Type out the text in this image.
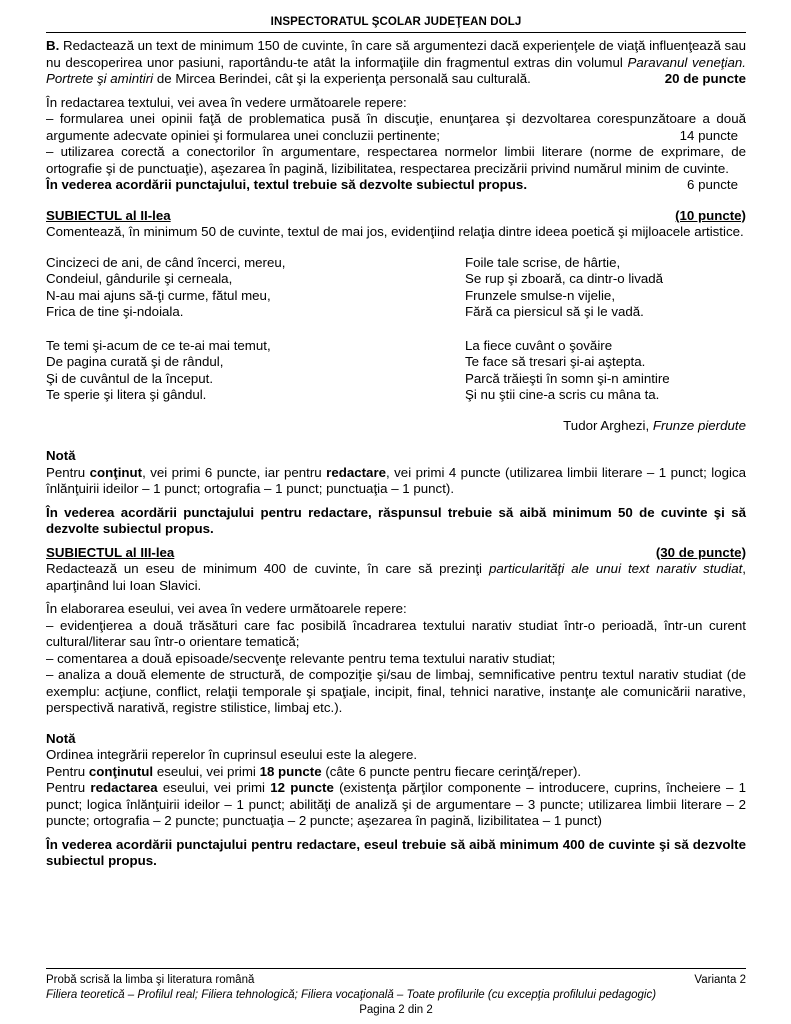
INSPECTORATUL ŞCOLAR JUDEŢEAN DOLJ

B. Redactează un text de minimum 150 de cuvinte, în care să argumentezi dacă experienţele de viaţă influenţează sau nu descoperirea unor pasiuni, raportându-te atât la informaţiile din fragmentul extras din volumul Paravanul veneţian. Portrete şi amintiri de Mircea Berindei, cât şi la experienţa personală sau culturală.	20 de puncte

În redactarea textului, vei avea în vedere următoarele repere:

– formularea unei opinii faţă de problematica pusă în discuţie, enunţarea şi dezvoltarea corespunzătoare a două argumente adecvate opiniei şi formularea unei concluzii pertinente;	14 puncte

– utilizarea corectă a conectorilor în argumentare, respectarea normelor limbii literare (norme de exprimare, de ortografie şi de punctuaţie), aşezarea în pagină, lizibilitatea, respectarea precizării privind numărul minim de cuvinte.
6 puncte

În vederea acordării punctajului, textul trebuie să dezvolte subiectul propus.

SUBIECTUL al II-lea	(10 puncte)

Comentează, în minimum 50 de cuvinte, textul de mai jos, evidenţiind relaţia dintre ideea poetică şi mijloacele artistice.

Cincizeci de ani, de când încerci, mereu,

Condeiul, gândurile şi cerneala,

N-au mai ajuns să-ţi curme, fătul meu,

Frica de tine şi-ndoiala.

Te temi şi-acum de ce te-ai mai temut,

De pagina curată şi de rândul,

Şi de cuvântul de la început.

Te sperie şi litera şi gândul.

Foile tale scrise, de hârtie,

Se rup şi zboară, ca dintr-o livadă

Frunzele smulse-n vijelie,

Fără ca piersicul să şi le vadă.

La fiece cuvânt o şovăire

Te face să tresari şi-ai aştepta.

Parcă trăieşti în somn şi-n amintire

Şi nu ştii cine-a scris cu mâna ta.

Tudor Arghezi, Frunze pierdute

Notă

Pentru conţinut, vei primi 6 puncte, iar pentru redactare, vei primi 4 puncte (utilizarea limbii literare – 1 punct; logica înlănţuirii ideilor – 1 punct; ortografia – 1 punct; punctuaţia – 1 punct).

În vederea acordării punctajului pentru redactare, răspunsul trebuie să aibă minimum 50 de cuvinte şi să dezvolte subiectul propus.

SUBIECTUL al III-lea	(30 de puncte)

Redactează un eseu de minimum 400 de cuvinte, în care să prezinţi particularităţi ale unui text narativ studiat, aparţinând lui Ioan Slavici.

În elaborarea eseului, vei avea în vedere următoarele repere:

– evidenţierea a două trăsături care fac posibilă încadrarea textului narativ studiat într-o perioadă, într-un curent cultural/literar sau într-o orientare tematică;

– comentarea a două episoade/secvenţe relevante pentru tema textului narativ studiat;

– analiza a două elemente de structură, de compoziţie şi/sau de limbaj, semnificative pentru textul narativ studiat (de exemplu: acţiune, conflict, relaţii temporale şi spaţiale, incipit, final, tehnici narative, instanţe ale comunicării narative, perspectivă narativă, registre stilistice, limbaj etc.).

Notă

Ordinea integrării reperelor în cuprinsul eseului este la alegere.

Pentru conţinutul eseului, vei primi 18 puncte (câte 6 puncte pentru fiecare cerinţă/reper).

Pentru redactarea eseului, vei primi 12 puncte (existenţa părţilor componente – introducere, cuprins, încheiere – 1 punct; logica înlănţuirii ideilor – 1 punct; abilităţi de analiză şi de argumentare – 3 puncte; utilizarea limbii literare – 2 puncte; ortografia – 2 puncte; punctuaţia – 2 puncte; aşezarea în pagină, lizibilitatea – 1 punct)

În vederea acordării punctajului pentru redactare, eseul trebuie să aibă minimum 400 de cuvinte şi să dezvolte subiectul propus.

Probă scrisă la limba şi literatura română	Varianta 2

Filiera teoretică – Profilul real; Filiera tehnologică; Filiera vocaţională – Toate profilurile (cu excepţia profilului pedagogic)

Pagina 2 din 2
